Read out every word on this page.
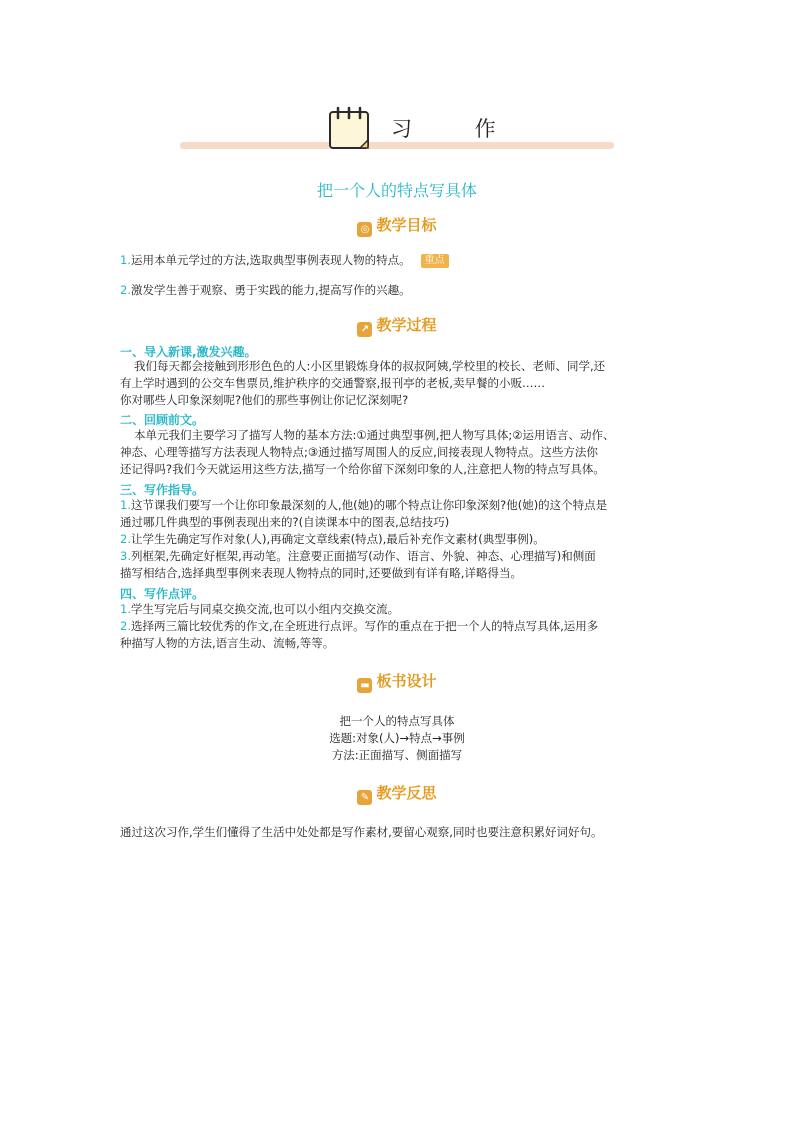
习 作
把一个人的特点写具体
◎ 教学目标
1.运用本单元学过的方法,选取典型事例表现人物的特点。 重点
2.激发学生善于观察、勇于实践的能力,提高写作的兴趣。
↗ 教学过程
一、导入新课,激发兴趣。
我们每天都会接触到形形色色的人:小区里锻炼身体的叔叔阿姨,学校里的校长、老师、同学,还
有上学时遇到的公交车售票员,维护秩序的交通警察,报刊亭的老板,卖早餐的小贩……
你对哪些人印象深刻呢?他们的那些事例让你记忆深刻呢?
二、回顾前文。
本单元我们主要学习了描写人物的基本方法:①通过典型事例,把人物写具体;②运用语言、动作、
神态、心理等描写方法表现人物特点;③通过描写周围人的反应,间接表现人物特点。这些方法你
还记得吗?我们今天就运用这些方法,描写一个给你留下深刻印象的人,注意把人物的特点写具体。
三、写作指导。
1.这节课我们要写一个让你印象最深刻的人,他(她)的哪个特点让你印象深刻?他(她)的这个特点是
通过哪几件典型的事例表现出来的?(自读课本中的图表,总结技巧)
2.让学生先确定写作对象(人),再确定文章线索(特点),最后补充作文素材(典型事例)。
3.列框架,先确定好框架,再动笔。注意要正面描写(动作、语言、外貌、神态、心理描写)和侧面
描写相结合,选择典型事例来表现人物特点的同时,还要做到有详有略,详略得当。
四、写作点评。
1.学生写完后与同桌交换交流,也可以小组内交换交流。
2.选择两三篇比较优秀的作文,在全班进行点评。写作的重点在于把一个人的特点写具体,运用多
种描写人物的方法,语言生动、流畅,等等。
▬ 板书设计
把一个人的特点写具体
选题:对象(人)→特点→事例
方法:正面描写、侧面描写
✎ 教学反思
通过这次习作,学生们懂得了生活中处处都是写作素材,要留心观察,同时也要注意积累好词好句。
